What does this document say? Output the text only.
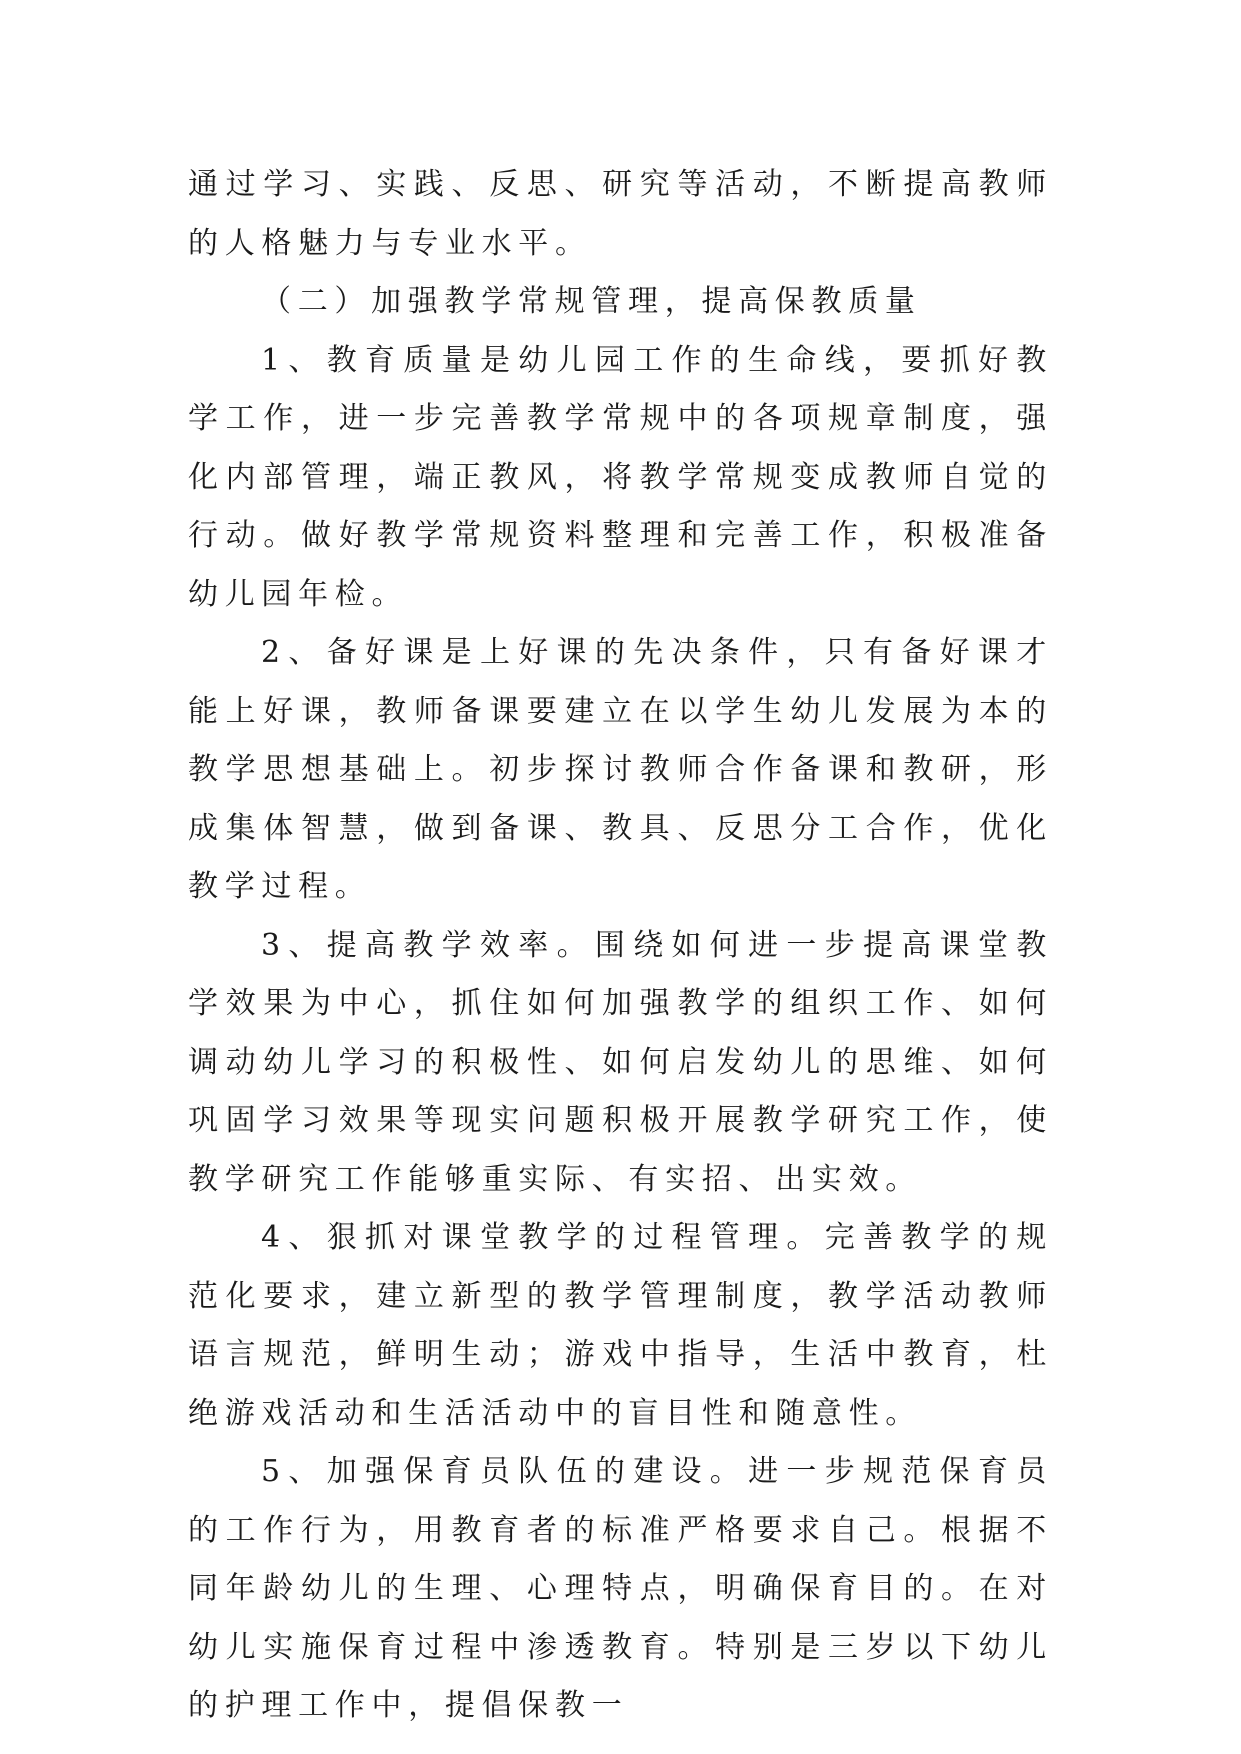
通过学习、实践、反思、研究等活动，不断提高教师的人格魅力与专业水平。

（二）加强教学常规管理，提高保教质量

1、教育质量是幼儿园工作的生命线，要抓好教学工作，进一步完善教学常规中的各项规章制度，强化内部管理，端正教风，将教学常规变成教师自觉的行动。做好教学常规资料整理和完善工作，积极准备幼儿园年检。

2、备好课是上好课的先决条件，只有备好课才能上好课，教师备课要建立在以学生幼儿发展为本的教学思想基础上。初步探讨教师合作备课和教研，形成集体智慧，做到备课、教具、反思分工合作，优化教学过程。

3、提高教学效率。围绕如何进一步提高课堂教学效果为中心，抓住如何加强教学的组织工作、如何调动幼儿学习的积极性、如何启发幼儿的思维、如何巩固学习效果等现实问题积极开展教学研究工作，使教学研究工作能够重实际、有实招、出实效。

4、狠抓对课堂教学的过程管理。完善教学的规范化要求，建立新型的教学管理制度，教学活动教师语言规范，鲜明生动；游戏中指导，生活中教育，杜绝游戏活动和生活活动中的盲目性和随意性。

5、加强保育员队伍的建设。进一步规范保育员的工作行为，用教育者的标准严格要求自己。根据不同年龄幼儿的生理、心理特点，明确保育目的。在对幼儿实施保育过程中渗透教育。特别是三岁以下幼儿的护理工作中，提倡保教一
